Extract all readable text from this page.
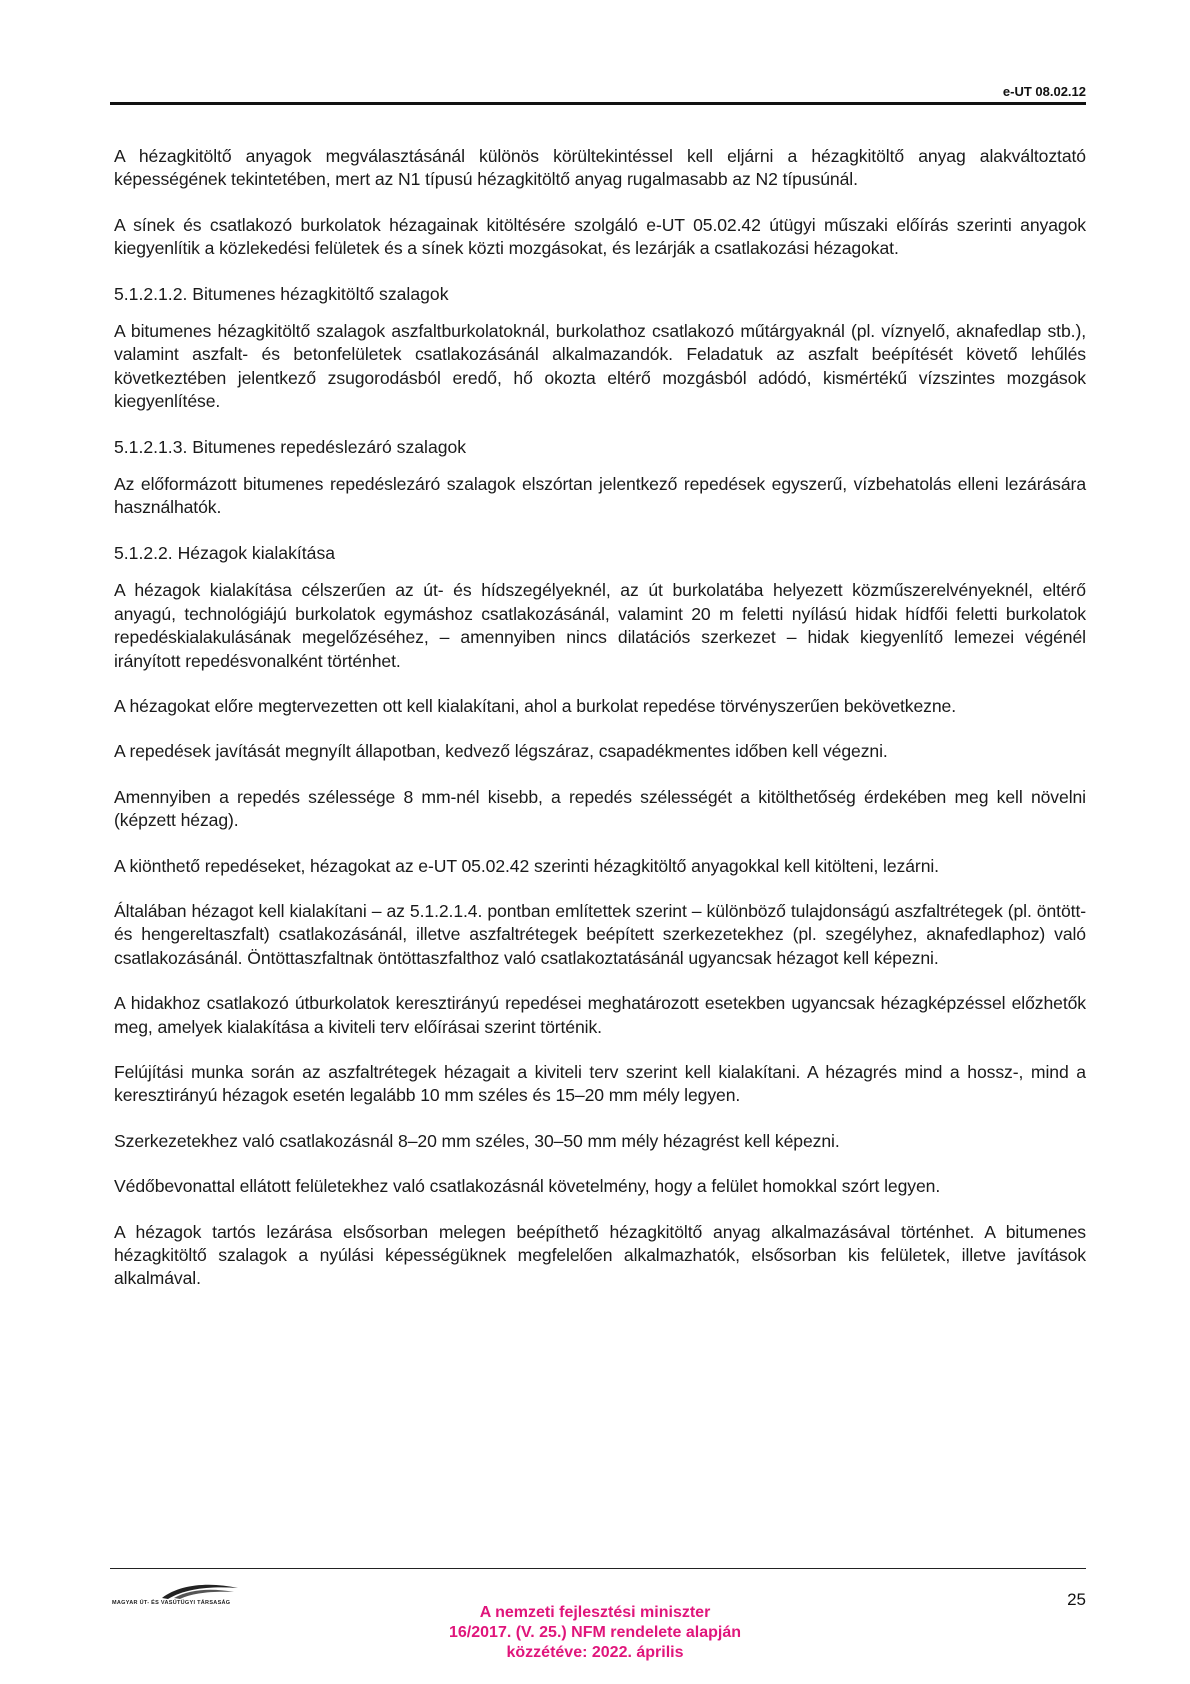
e-UT 08.02.12

A hézagkitöltő anyagok megválasztásánál különös körültekintéssel kell eljárni a hézagkitöltő anyag alakváltoztató képességének tekintetében, mert az N1 típusú hézagkitöltő anyag rugalmasabb az N2 típusúnál.

A sínek és csatlakozó burkolatok hézagainak kitöltésére szolgáló e-UT 05.02.42 útügyi műszaki előírás szerinti anyagok kiegyenlítik a közlekedési felületek és a sínek közti mozgásokat, és lezárják a csatlakozási hézagokat.

5.1.2.1.2. Bitumenes hézagkitöltő szalagok

A bitumenes hézagkitöltő szalagok aszfaltburkolatoknál, burkolathoz csatlakozó műtárgyaknál (pl. víznyelő, aknafedlap stb.), valamint aszfalt- és betonfelületek csatlakozásánál alkalmazandók. Feladatuk az aszfalt beépítését követő lehűlés következtében jelentkező zsugorodásból eredő, hő okozta eltérő mozgásból adódó, kismértékű vízszintes mozgások kiegyenlítése.

5.1.2.1.3. Bitumenes repedéslezáró szalagok

Az előformázott bitumenes repedéslezáró szalagok elszórtan jelentkező repedések egyszerű, vízbehatolás elleni lezárására használhatók.

5.1.2.2. Hézagok kialakítása

A hézagok kialakítása célszerűen az út- és hídszegélyeknél, az út burkolatába helyezett közműszerelvényeknél, eltérő anyagú, technológiájú burkolatok egymáshoz csatlakozásánál, valamint 20 m feletti nyílású hidak hídfői feletti burkolatok repedéskialakulásának megelőzéséhez, – amennyiben nincs dilatációs szerkezet – hidak kiegyenlítő lemezei végénél irányított repedésvonalként történhet.

A hézagokat előre megtervezetten ott kell kialakítani, ahol a burkolat repedése törvényszerűen bekövetkezne.

A repedések javítását megnyílt állapotban, kedvező légszáraz, csapadékmentes időben kell végezni.

Amennyiben a repedés szélessége 8 mm-nél kisebb, a repedés szélességét a kitölthetőség érdekében meg kell növelni (képzett hézag).

A kiönthető repedéseket, hézagokat az e-UT 05.02.42 szerinti hézagkitöltő anyagokkal kell kitölteni, lezárni.

Általában hézagot kell kialakítani – az 5.1.2.1.4. pontban említettek szerint – különböző tulajdonságú aszfaltrétegek (pl. öntött- és hengereltaszfalt) csatlakozásánál, illetve aszfaltrétegek beépített szerkezetekhez (pl. szegélyhez, aknafedlaphoz) való csatlakozásánál. Öntöttaszfaltnak öntöttaszfalthoz való csatlakoztatásánál ugyancsak hézagot kell képezni.

A hidakhoz csatlakozó útburkolatok keresztirányú repedései meghatározott esetekben ugyancsak hézagképzéssel előzhetők meg, amelyek kialakítása a kiviteli terv előírásai szerint történik.

Felújítási munka során az aszfaltrétegek hézagait a kiviteli terv szerint kell kialakítani. A hézagrés mind a hossz-, mind a keresztirányú hézagok esetén legalább 10 mm széles és 15–20 mm mély legyen.

Szerkezetekhez való csatlakozásnál 8–20 mm széles, 30–50 mm mély hézagrést kell képezni.

Védőbevonattal ellátott felületekhez való csatlakozásnál követelmény, hogy a felület homokkal szórt legyen.

A hézagok tartós lezárása elsősorban melegen beépíthető hézagkitöltő anyag alkalmazásával történhet. A bitumenes hézagkitöltő szalagok a nyúlási képességüknek megfelelően alkalmazhatók, elsősorban kis felületek, illetve javítások alkalmával.

MAGYAR ÚT- ÉS VASÚTÜGYI TÁRSASÁG	25
A nemzeti fejlesztési miniszter
16/2017. (V. 25.) NFM rendelete alapján
közzétéve: 2022. április
